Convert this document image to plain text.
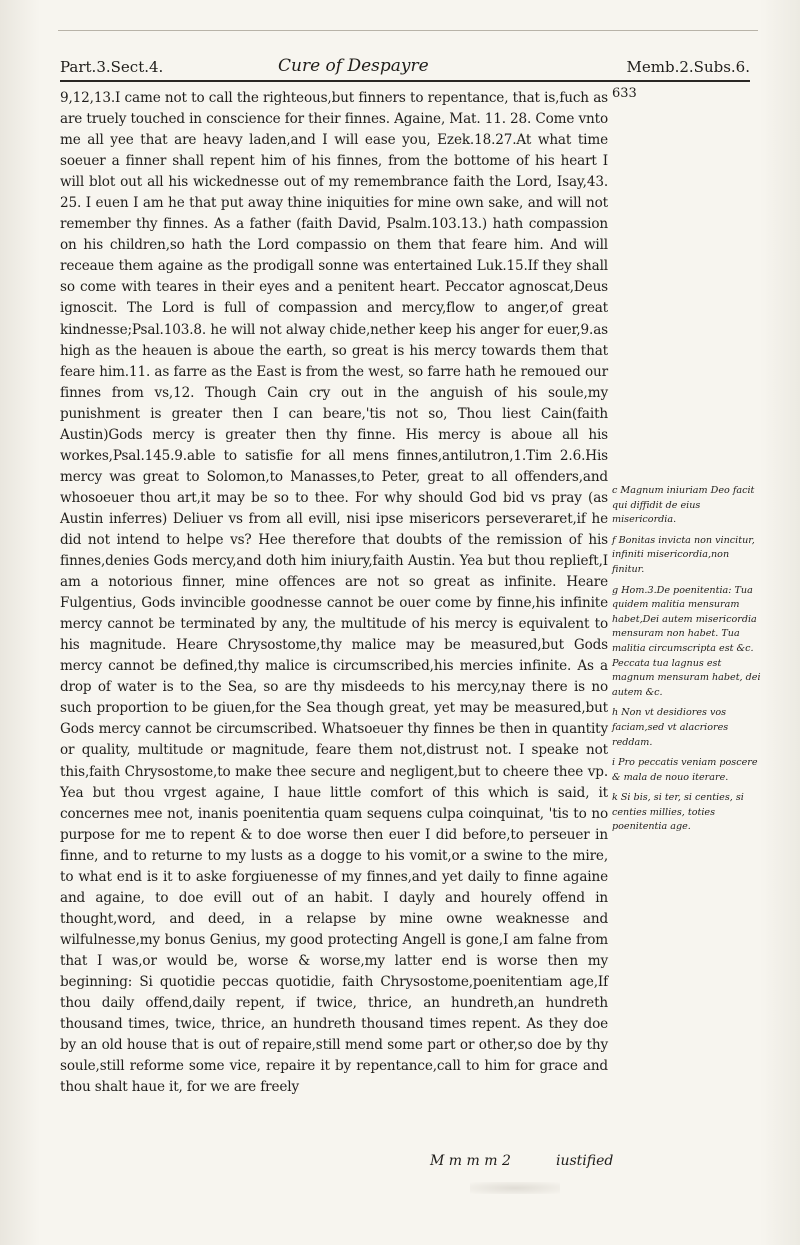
Part.3.Sect.4.	Cure of Despayre	Memb.2.Subs.6.
633

9,12,13.I came not to call the righteous,but finners to repentance, that is,fuch as are truely touched in conscience for their finnes. Againe, Mat. 11. 28. Come vnto me all yee that are heavy laden,and I will ease you, Ezek.18.27.At what time soeuer a finner shall repent him of his finnes, from the bottome of his heart I will blot out all his wickednesse out of my remembrance faith the Lord, Isay,43. 25. I euen I am he that put away thine iniquities for mine own sake, and will not remember thy finnes. As a father (faith David, Psalm.103.13.) hath compassion on his children,so hath the Lord compassio on them that feare him. And will receaue them againe as the prodigall sonne was entertained Luk.15.If they shall so come with teares in their eyes and a penitent heart. Peccator agnoscat,Deus ignoscit. The Lord is full of compassion and mercy,flow to anger,of great kindnesse;Psal.103.8. he will not alway chide,nether keep his anger for euer,9.as high as the heauen is aboue the earth, so great is his mercy towards them that feare him.11. as farre as the East is from the west, so farre hath he remoued our finnes from vs,12. Though Cain cry out in the anguish of his soule,my punishment is greater then I can beare,'tis not so, Thou liest Cain(faith Austin)Gods mercy is greater then thy finne. His mercy is aboue all his workes,Psal.145.9.able to satisfie for all mens finnes,antilutron,1.Tim 2.6.His mercy was great to Solomon,to Manasses,to Peter, great to all offenders,and whosoeuer thou art,it may be so to thee. For why should God bid vs pray (as Austin inferres) Deliuer vs from all evill, nisi ipse misericors perseveraret,if he did not intend to helpe vs? Hee therefore that doubts of the remission of his finnes,denies Gods mercy,and doth him iniury,faith Austin. Yea but thou replieft,I am a notorious finner, mine offences are not so great as infinite. Heare Fulgentius, Gods invincible goodnesse cannot be ouer come by finne,his infinite mercy cannot be terminated by any, the multitude of his mercy is equivalent to his magnitude. Heare Chrysostome,thy malice may be measured,but Gods mercy cannot be defined,thy malice is circumscribed,his mercies infinite. As a drop of water is to the Sea, so are thy misdeeds to his mercy,nay there is no such proportion to be giuen,for the Sea though great, yet may be measured,but Gods mercy cannot be circumscribed. Whatsoeuer thy finnes be then in quantity or quality, multitude or magnitude, feare them not,distrust not. I speake not this,faith Chrysostome,to make thee secure and negligent,but to cheere thee vp. Yea but thou vrgest againe, I haue little comfort of this which is said, it concernes mee not, inanis poenitentia quam sequens culpa coinquinat, 'tis to no purpose for me to repent & to doe worse then euer I did before,to perseuer in finne, and to returne to my lusts as a dogge to his vomit,or a swine to the mire, to what end is it to aske forgiuenesse of my finnes,and yet daily to finne againe and againe, to doe evill out of an habit. I dayly and hourely offend in thought,word, and deed, in a relapse by mine owne weaknesse and wilfulnesse,my bonus Genius, my good protecting Angell is gone,I am falne from that I was,or would be, worse & worse,my latter end is worse then my beginning: Si quotidie peccas quotidie, faith Chrysostome,poenitentiam age,If thou daily offend,daily repent, if twice, thrice, an hundreth,an hundreth thousand times, twice, thrice, an hundreth thousand times repent. As they doe by an old house that is out of repaire,still mend some part or other,so doe by thy soule,still reforme some vice, repaire it by repentance,call to him for grace and thou shalt haue it, for we are freely

c Magnum iniuriam Deo facit qui diffidit de eius misericordia.

f Bonitas invicta non vincitur, infiniti misericordia,non finitur.

g Hom.3.De poenitentia: Tua quidem malitia mensuram habet,Dei autem misericordia mensuram non habet. Tua malitia circumscripta est &c. Peccata tua lagnus est magnum mensuram habet, dei autem &c.

h Non vt desidiores vos faciam,sed vt alacriores reddam.

i Pro peccatis veniam poscere & mala de nouo iterare.

k Si bis, si ter, si centies, si centies millies, toties poenitentia age.

M m m m 2	iustified
